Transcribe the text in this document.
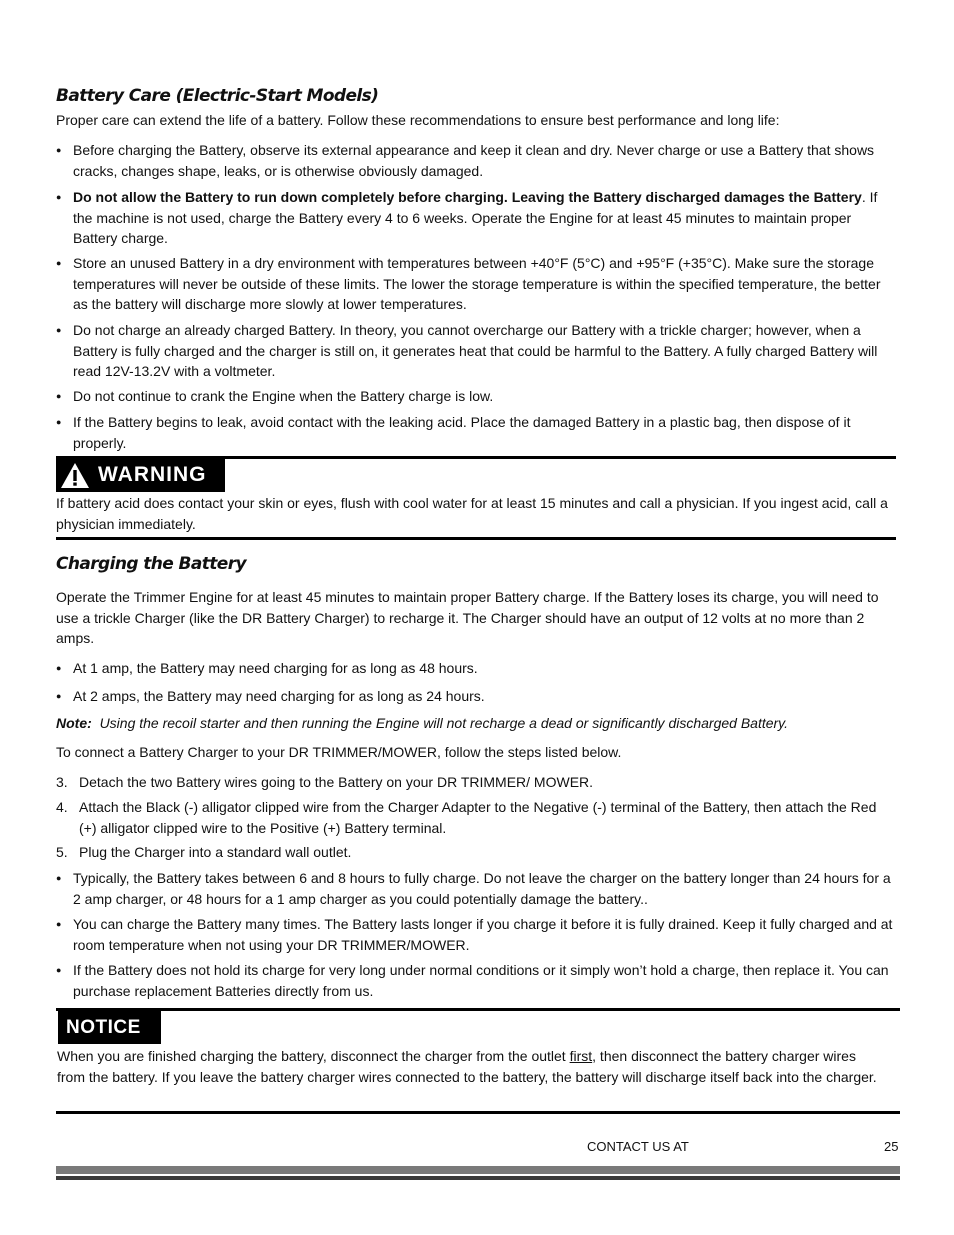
Battery Care (Electric-Start Models)

Proper care can extend the life of a battery. Follow these recommendations to ensure best performance and long life:

● Before charging the Battery, observe its external appearance and keep it clean and dry. Never charge or use a Battery that shows cracks, changes shape, leaks, or is otherwise obviously damaged.
● Do not allow the Battery to run down completely before charging. Leaving the Battery discharged damages the Battery. If the machine is not used, charge the Battery every 4 to 6 weeks. Operate the Engine for at least 45 minutes to maintain proper Battery charge.
● Store an unused Battery in a dry environment with temperatures between +40°F (5°C) and +95°F (+35°C). Make sure the storage temperatures will never be outside of these limits. The lower the storage temperature is within the specified temperature, the better as the battery will discharge more slowly at lower temperatures.
● Do not charge an already charged Battery. In theory, you cannot overcharge our Battery with a trickle charger; however, when a Battery is fully charged and the charger is still on, it generates heat that could be harmful to the Battery. A fully charged Battery will read 12V-13.2V with a voltmeter.
● Do not continue to crank the Engine when the Battery charge is low.
● If the Battery begins to leak, avoid contact with the leaking acid. Place the damaged Battery in a plastic bag, then dispose of it properly.
WARNING
If battery acid does contact your skin or eyes, flush with cool water for at least 15 minutes and call a physician. If you ingest acid, call a physician immediately.
Charging the Battery

Operate the Trimmer Engine for at least 45 minutes to maintain proper Battery charge. If the Battery loses its charge, you will need to use a trickle Charger (like the DR Battery Charger) to recharge it. The Charger should have an output of 12 volts at no more than 2 amps.

● At 1 amp, the Battery may need charging for as long as 48 hours.
● At 2 amps, the Battery may need charging for as long as 24 hours.

Note: Using the recoil starter and then running the Engine will not recharge a dead or significantly discharged Battery.

To connect a Battery Charger to your DR TRIMMER/MOWER, follow the steps listed below.

3. Detach the two Battery wires going to the Battery on your DR TRIMMER/ MOWER.
4. Attach the Black (-) alligator clipped wire from the Charger Adapter to the Negative (-) terminal of the Battery, then attach the Red (+) alligator clipped wire to the Positive (+) Battery terminal.
5. Plug the Charger into a standard wall outlet.
● Typically, the Battery takes between 6 and 8 hours to fully charge. Do not leave the charger on the battery longer than 24 hours for a 2 amp charger, or 48 hours for a 1 amp charger as you could potentially damage the battery..
● You can charge the Battery many times. The Battery lasts longer if you charge it before it is fully drained. Keep it fully charged and at room temperature when not using your DR TRIMMER/MOWER.
● If the Battery does not hold its charge for very long under normal conditions or it simply won’t hold a charge, then replace it. You can purchase replacement Batteries directly from us.
NOTICE

When you are finished charging the battery, disconnect the charger from the outlet first, then disconnect the battery charger wires from the battery. If you leave the battery charger wires connected to the battery, the battery will discharge itself back into the charger.

CONTACT US AT	25
